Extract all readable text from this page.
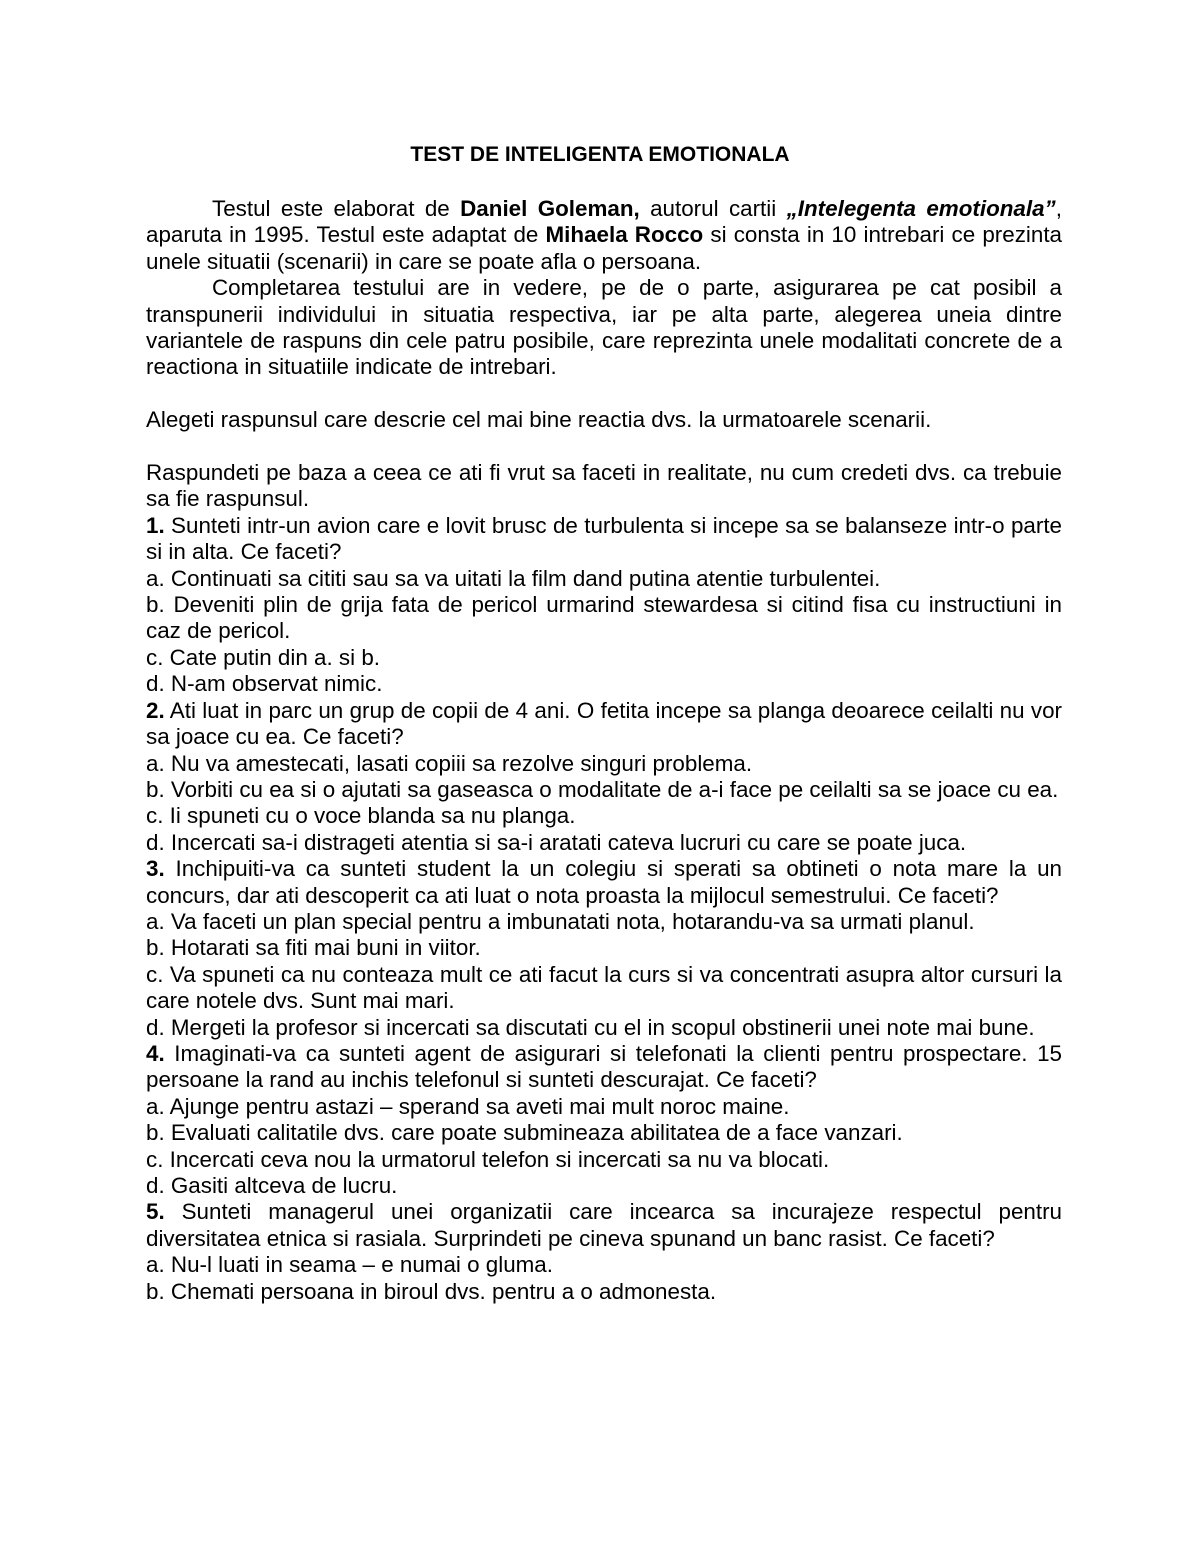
TEST DE INTELIGENTA EMOTIONALA

Testul este elaborat de Daniel Goleman, autorul cartii „Intelegenta emotionala”, aparuta in 1995. Testul este adaptat de Mihaela Rocco si consta in 10 intrebari ce prezinta unele situatii (scenarii) in care se poate afla o persoana.

Completarea testului are in vedere, pe de o parte, asigurarea pe cat posibil a transpunerii individului in situatia respectiva, iar pe alta parte, alegerea uneia dintre variantele de raspuns din cele patru posibile, care reprezinta unele modalitati concrete de a reactiona in situatiile indicate de intrebari.

Alegeti raspunsul care descrie cel mai bine reactia dvs. la urmatoarele scenarii.

Raspundeti pe baza a ceea ce ati fi vrut sa faceti in realitate, nu cum credeti dvs. ca trebuie sa fie raspunsul.

1. Sunteti intr-un avion care e lovit brusc de turbulenta si incepe sa se balanseze intr-o parte si in alta. Ce faceti?

a. Continuati sa cititi sau sa va uitati la film dand putina atentie turbulentei.

b. Deveniti plin de grija fata de pericol urmarind stewardesa si citind fisa cu instructiuni in caz de pericol.

c. Cate putin din a. si b.

d. N-am observat nimic.

2. Ati luat in parc un grup de copii de 4 ani. O fetita incepe sa planga deoarece ceilalti nu vor sa joace cu ea. Ce faceti?

a. Nu va amestecati, lasati copiii sa rezolve singuri problema.

b. Vorbiti cu ea si o ajutati sa gaseasca o modalitate de a-i face pe ceilalti sa se joace cu ea.

c. Ii spuneti cu o voce blanda sa nu planga.

d. Incercati sa-i distrageti atentia si sa-i aratati cateva lucruri cu care se poate juca.

3. Inchipuiti-va ca sunteti student la un colegiu si sperati sa obtineti o nota mare la un concurs, dar ati descoperit ca ati luat o nota proasta la mijlocul semestrului. Ce faceti?

a. Va faceti un plan special pentru a imbunatati nota, hotarandu-va sa urmati planul.

b. Hotarati sa fiti mai buni in viitor.

c. Va spuneti ca nu conteaza mult ce ati facut la curs si va concentrati asupra altor cursuri la care notele dvs. Sunt mai mari.

d. Mergeti la profesor si incercati sa discutati cu el in scopul obstinerii unei note mai bune.

4. Imaginati-va ca sunteti agent de asigurari si telefonati la clienti pentru prospectare. 15 persoane la rand au inchis telefonul si sunteti descurajat. Ce faceti?

a. Ajunge pentru astazi – sperand sa aveti mai mult noroc maine.

b. Evaluati calitatile dvs. care poate submineaza abilitatea de a face vanzari.

c. Incercati ceva nou la urmatorul telefon si incercati sa nu va blocati.

d. Gasiti altceva de lucru.

5. Sunteti managerul unei organizatii care incearca sa incurajeze respectul pentru diversitatea etnica si rasiala. Surprindeti pe cineva spunand un banc rasist. Ce faceti?

a. Nu-l luati in seama – e numai o gluma.

b. Chemati persoana in biroul dvs. pentru a o admonesta.
